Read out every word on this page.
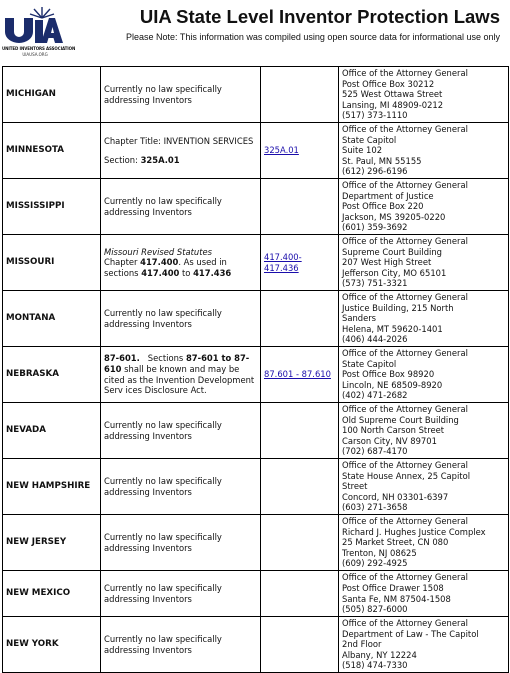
UNITED INVENTORS ASSOCIATION
UIAUSA.ORG
UIA State Level Inventor Protection Laws
Please Note: This information was compiled using open source data for informational use only
MICHIGAN	Currently no law specifically addressing Inventors		Office of the Attorney General
Post Office Box 30212
525 West Ottawa Street
Lansing, MI 48909-0212
(517) 373-1110

MINNESOTA	Chapter Title: INVENTION SERVICES
Section: 325A.01	325A.01	Office of the Attorney General
State Capitol
Suite 102
St. Paul, MN 55155
(612) 296-6196

MISSISSIPPI	Currently no law specifically addressing Inventors		Office of the Attorney General
Department of Justice
Post Office Box 220
Jackson, MS 39205-0220
(601) 359-3692

MISSOURI	Missouri Revised Statutes
Chapter 417.400. As used in sections 417.400 to 417.436	417.400-417.436	Office of the Attorney General
Supreme Court Building
207 West High Street
Jefferson City, MO 65101
(573) 751-3321

MONTANA	Currently no law specifically addressing Inventors		Office of the Attorney General
Justice Building, 215 North
Sanders
Helena, MT 59620-1401
(406) 444-2026

NEBRASKA	87-601.   Sections 87-601 to 87-610 shall be known and may be cited as the Invention Development Serv ices Disclosure Act.	87.601 - 87.610	Office of the Attorney General
State Capitol
Post Office Box 98920
Lincoln, NE 68509-8920
(402) 471-2682

NEVADA	Currently no law specifically addressing Inventors		Office of the Attorney General
Old Supreme Court Building
100 North Carson Street
Carson City, NV 89701
(702) 687-4170

NEW HAMPSHIRE	Currently no law specifically addressing Inventors		Office of the Attorney General
State House Annex, 25 Capitol
Street
Concord, NH 03301-6397
(603) 271-3658

NEW JERSEY	Currently no law specifically addressing Inventors		Office of the Attorney General
Richard J. Hughes Justice Complex
25 Market Street, CN 080
Trenton, NJ 08625
(609) 292-4925

NEW MEXICO	Currently no law specifically addressing Inventors		Office of the Attorney General
Post Office Drawer 1508
Santa Fe, NM 87504-1508
(505) 827-6000

NEW YORK	Currently no law specifically addressing Inventors		Office of the Attorney General
Department of Law - The Capitol
2nd Floor
Albany, NY 12224
(518) 474-7330
